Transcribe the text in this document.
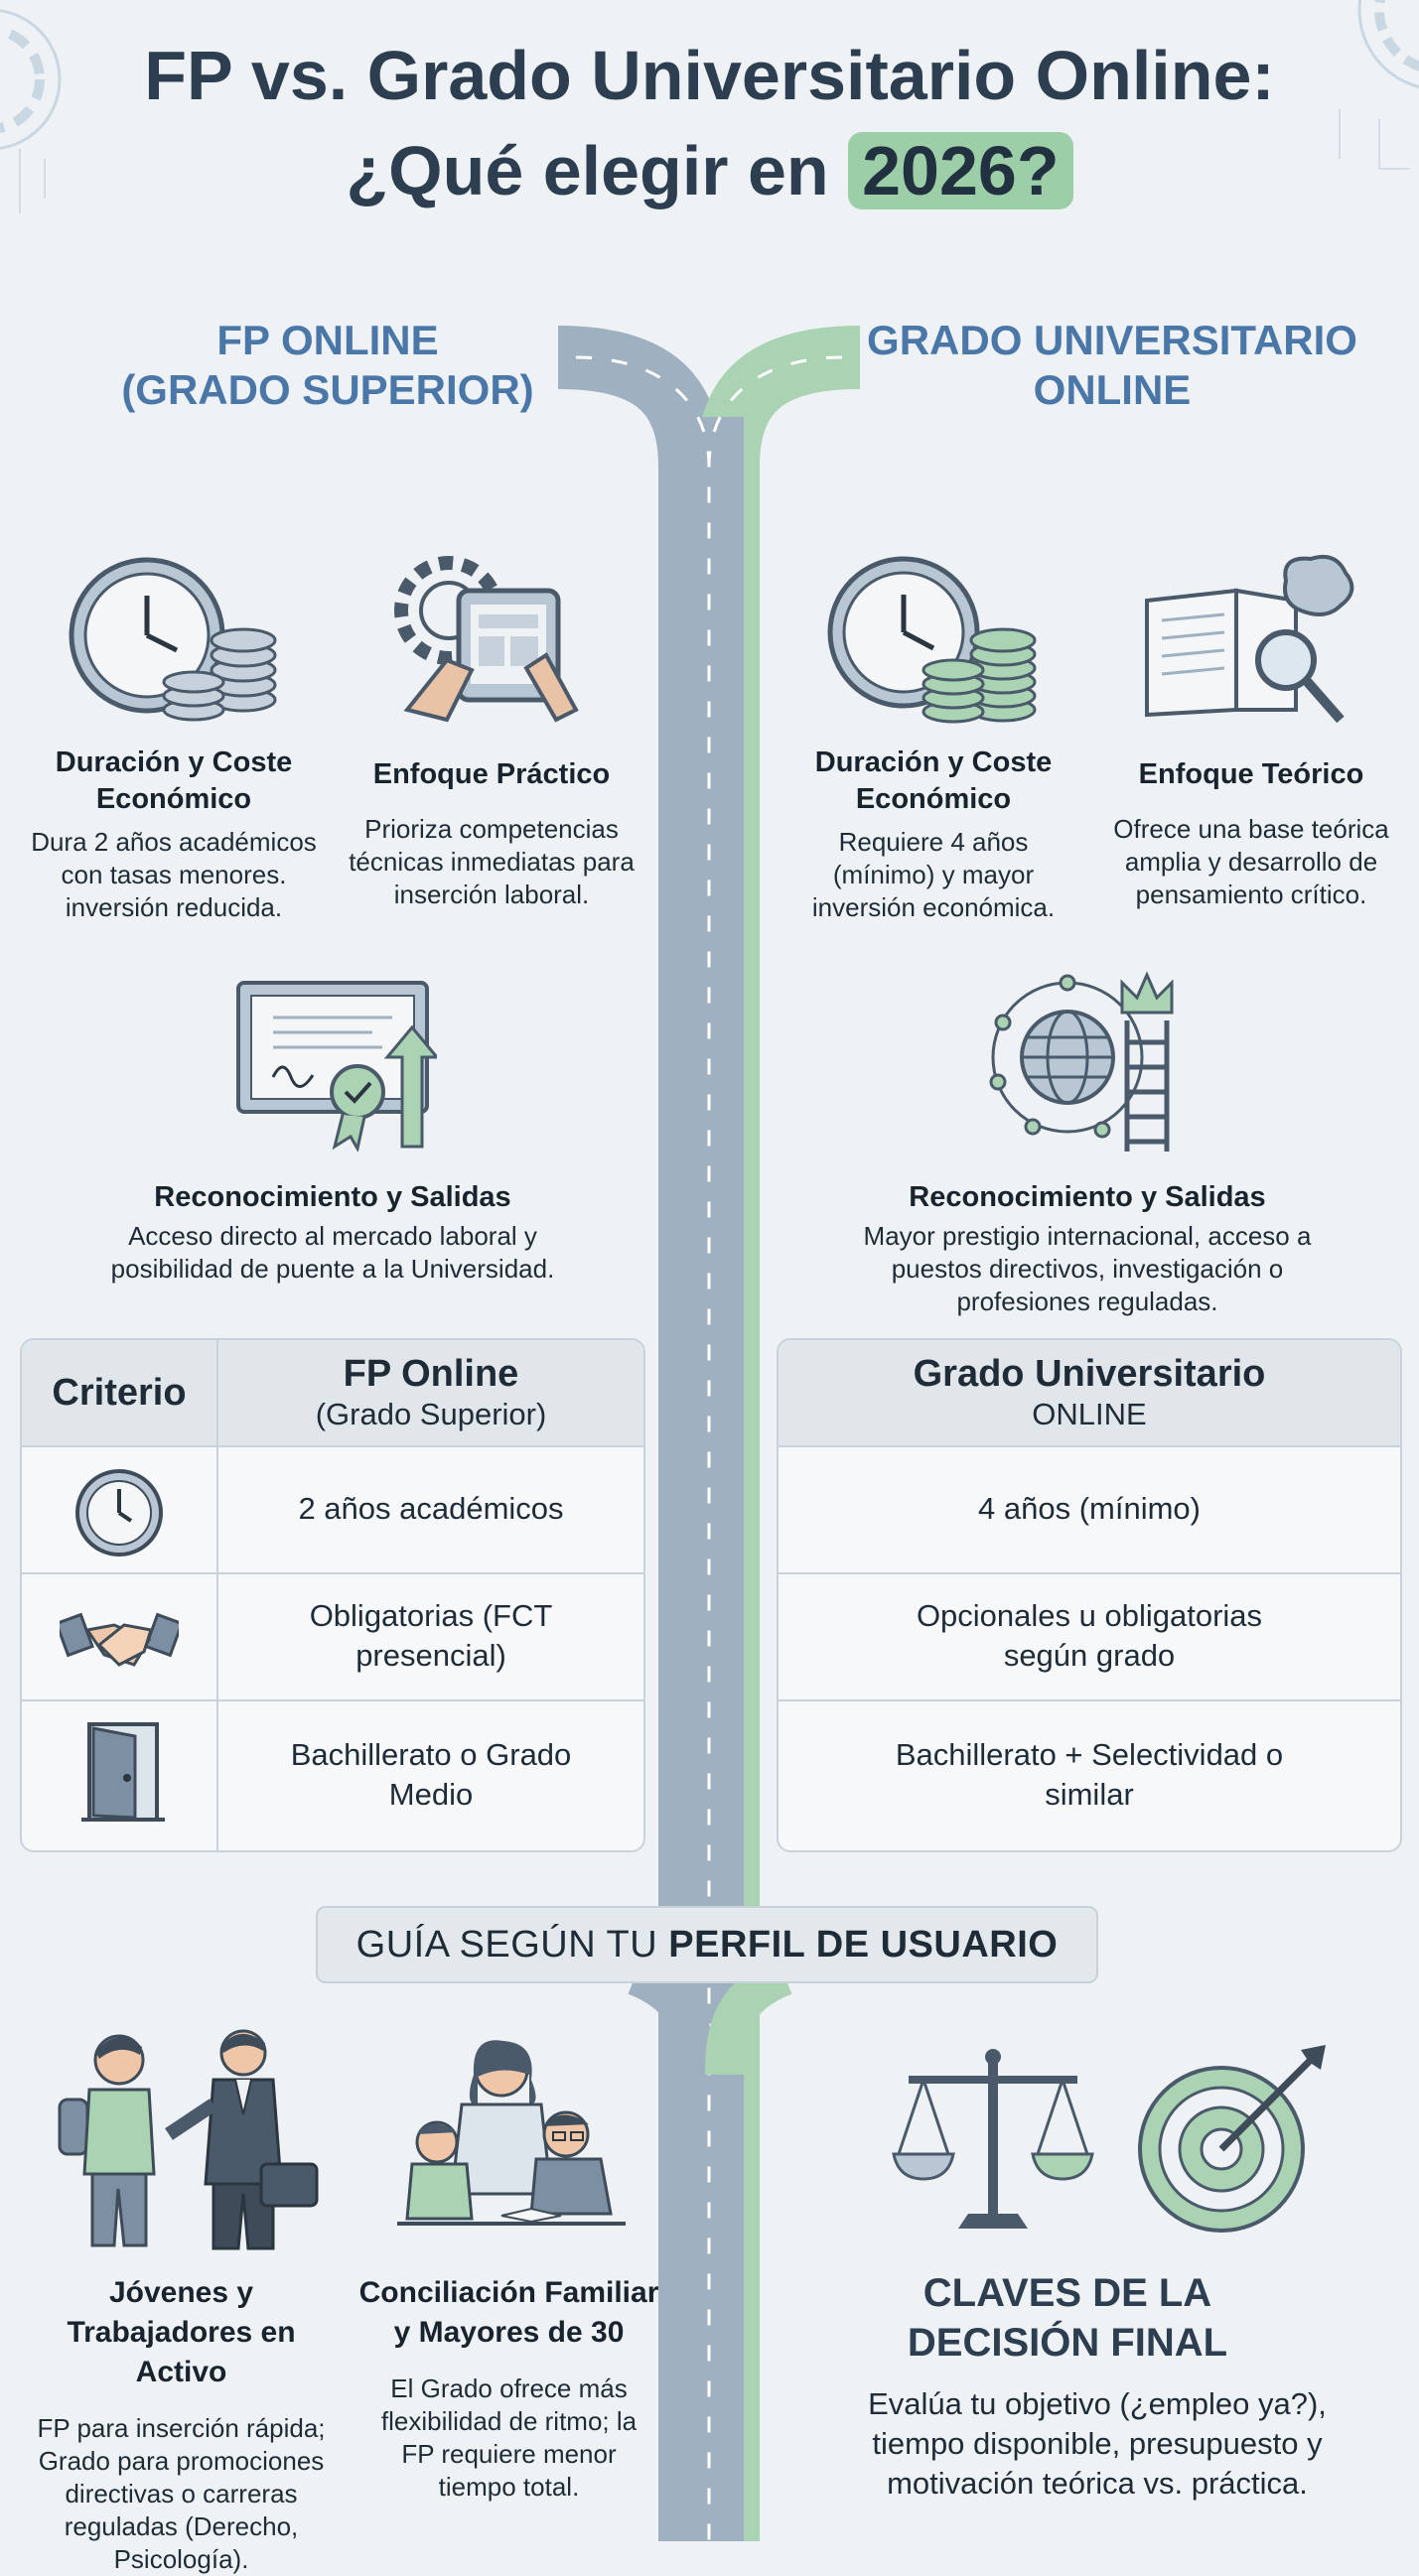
FP vs. Grado Universitario Online:
¿Qué elegir en 2026?
FP ONLINE
(GRADO SUPERIOR)
GRADO UNIVERSITARIO
ONLINE
Duración y Coste Económico
Dura 2 años académicos con tasas menores. inversión reducida.
Enfoque Práctico
Prioriza competencias técnicas inmediatas para inserción laboral.
Reconocimiento y Salidas
Acceso directo al mercado laboral y posibilidad de puente a la Universidad.
Duración y Coste Económico
Requiere 4 años (mínimo) y mayor inversión económica.
Enfoque Teórico
Ofrece una base teórica amplia y desarrollo de pensamiento crítico.
Reconocimiento y Salidas
Mayor prestigio internacional, acceso a puestos directivos, investigación o profesiones reguladas.
Criterio	FP Online
(Grado Superior)
2 años académicos
Obligatorias (FCT presencial)
Bachillerato o Grado Medio
Grado Universitario
ONLINE
4 años (mínimo)
Opcionales u obligatorias según grado
Bachillerato + Selectividad o similar
GUÍA SEGÚN TU
PERFIL DE USUARIO
Jóvenes y Trabajadores en Activo
FP para inserción rápida; Grado para promociones directivas o carreras reguladas (Derecho, Psicología).
Conciliación Familiar y Mayores de 30
El Grado ofrece más flexibilidad de ritmo; la FP requiere menor tiempo total.
CLAVES DE LA
DECISIÓN FINAL
Evalúa tu objetivo (¿empleo ya?), tiempo disponible, presupuesto y motivación teórica vs. práctica.
